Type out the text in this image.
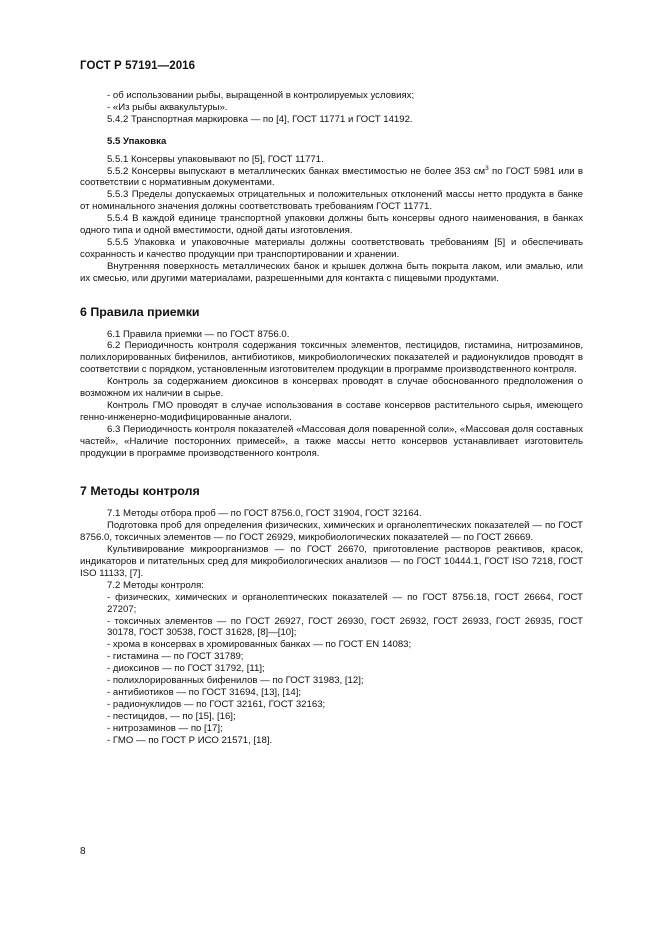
ГОСТ Р 57191—2016

- об использовании рыбы, выращенной в контролируемых условиях;

- «Из рыбы аквакультуры».

5.4.2 Транспортная маркировка — по [4], ГОСТ 11771 и ГОСТ 14192.

5.5 Упаковка

5.5.1 Консервы упаковывают по [5], ГОСТ 11771.

5.5.2 Консервы выпускают в металлических банках вместимостью не более 353 $см^3$ по ГОСТ 5981 или в соответствии с нормативным документами.

5.5.3 Пределы допускаемых отрицательных и положительных отклонений массы нетто продукта в банке от номинального значения должны соответствовать требованиям ГОСТ 11771.

5.5.4 В каждой единице транспортной упаковки должны быть консервы одного наименования, в банках одного типа и одной вместимости, одной даты изготовления.

5.5.5 Упаковка и упаковочные материалы должны соответствовать требованиям [5] и обеспечивать сохранность и качество продукции при транспортировании и хранении.

Внутренняя поверхность металлических банок и крышек должна быть покрыта лаком, или эмалью, или их смесью, или другими материалами, разрешенными для контакта с пищевыми продуктами.

6 Правила приемки

6.1 Правила приемки — по ГОСТ 8756.0.

6.2 Периодичность контроля содержания токсичных элементов, пестицидов, гистамина, нитрозаминов, полихлорированных бифенилов, антибиотиков, микробиологических показателей и радионуклидов проводят в соответствии с порядком, установленным изготовителем продукции в программе производственного контроля.

Контроль за содержанием диоксинов в консервах проводят в случае обоснованного предположения о возможном их наличии в сырье.

Контроль ГМО проводят в случае использования в составе консервов растительного сырья, имеющего генно-инженерно-модифицированные аналоги.

6.3 Периодичность контроля показателей «Массовая доля поваренной соли», «Массовая доля составных частей», «Наличие посторонних примесей», а также массы нетто консервов устанавливает изготовитель продукции в программе производственного контроля.

7 Методы контроля

7.1 Методы отбора проб — по ГОСТ 8756.0, ГОСТ 31904, ГОСТ 32164.

Подготовка проб для определения физических, химических и органолептических показателей — по ГОСТ 8756.0, токсичных элементов — по ГОСТ 26929, микробиологических показателей — по ГОСТ 26669.

Культивирование микроорганизмов — по ГОСТ 26670, приготовление растворов реактивов, красок, индикаторов и питательных сред для микробиологических анализов — по ГОСТ 10444.1, ГОСТ ISO 7218, ГОСТ ISO 11133, [7].

7.2 Методы контроля:

- физических, химических и органолептических показателей — по ГОСТ 8756.18, ГОСТ 26664, ГОСТ 27207;

- токсичных элементов — по ГОСТ 26927, ГОСТ 26930, ГОСТ 26932, ГОСТ 26933, ГОСТ 26935, ГОСТ 30178, ГОСТ 30538, ГОСТ 31628, [8]—[10];

- хрома в консервах в хромированных банках — по ГОСТ EN 14083;

- гистамина — по ГОСТ 31789;

- диоксинов — по ГОСТ 31792, [11];

- полихлорированных бифенилов — по ГОСТ 31983, [12];

- антибиотиков — по ГОСТ 31694, [13], [14];

- радионуклидов — по ГОСТ 32161, ГОСТ 32163;

- пестицидов, — по [15], [16];

- нитрозаминов — по [17];

- ГМО — по ГОСТ Р ИСО 21571, [18].

8
